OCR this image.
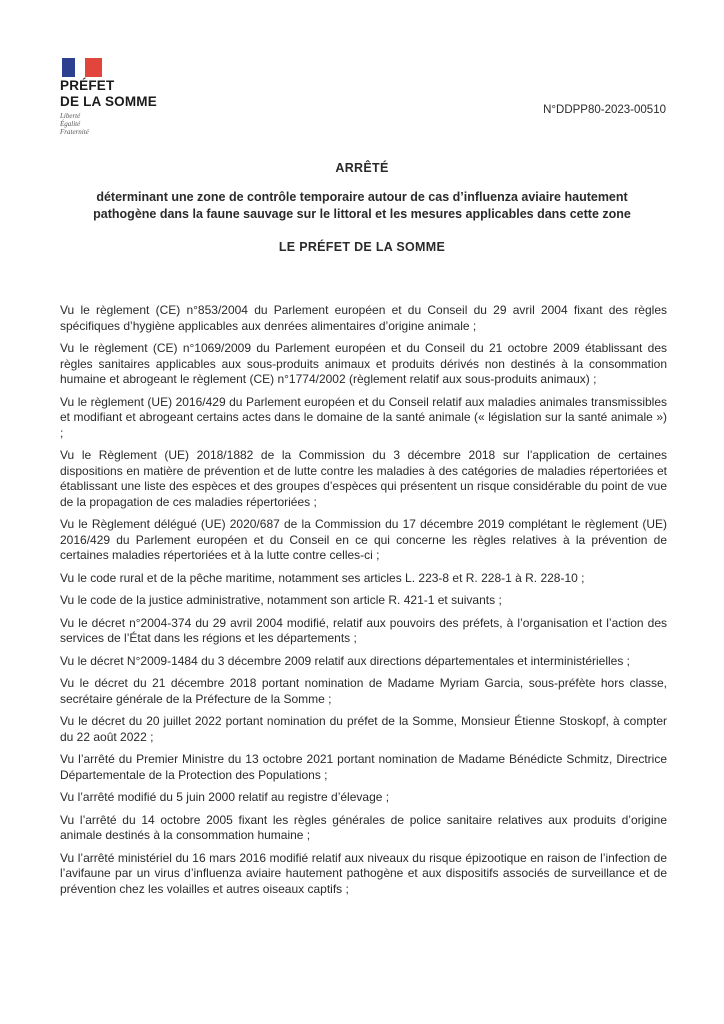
PRÉFET
DE LA SOMME
Liberté
Égalité
Fraternité
N°DDPP80-2023-00510
ARRÊTÉ
déterminant une zone de contrôle temporaire autour de cas d’influenza aviaire hautement
pathogène dans la faune sauvage sur le littoral et les mesures applicables dans cette zone
LE PRÉFET DE LA SOMME

Vu le règlement (CE) n°853/2004 du Parlement européen et du Conseil du 29 avril 2004 fixant des règles spécifiques d’hygiène applicables aux denrées alimentaires d’origine animale ;

Vu le règlement (CE) n°1069/2009 du Parlement européen et du Conseil du 21 octobre 2009 établissant des règles sanitaires applicables aux sous-produits animaux et produits dérivés non destinés à la consommation humaine et abrogeant le règlement (CE) n°1774/2002 (règlement relatif aux sous-produits animaux) ;

Vu le règlement (UE) 2016/429 du Parlement européen et du Conseil relatif aux maladies animales transmissibles et modifiant et abrogeant certains actes dans le domaine de la santé animale (« législation sur la santé animale ») ;

Vu le Règlement (UE) 2018/1882 de la Commission du 3 décembre 2018 sur l’application de certaines dispositions en matière de prévention et de lutte contre les maladies à des catégories de maladies répertoriées et établissant une liste des espèces et des groupes d’espèces qui présentent un risque considérable du point de vue de la propagation de ces maladies répertoriées ;

Vu le Règlement délégué (UE) 2020/687 de la Commission du 17 décembre 2019 complétant le règlement (UE) 2016/429 du Parlement européen et du Conseil en ce qui concerne les règles relatives à la prévention de certaines maladies répertoriées et à la lutte contre celles-ci ;

Vu le code rural et de la pêche maritime, notamment ses articles L. 223-8 et R. 228-1 à R. 228-10 ;

Vu le code de la justice administrative, notamment son article R. 421-1 et suivants ;

Vu le décret n°2004-374 du 29 avril 2004 modifié, relatif aux pouvoirs des préfets, à l’organisation et l’action des services de l’État dans les régions et les départements ;

Vu le décret N°2009-1484 du 3 décembre 2009 relatif aux directions départementales et interministérielles ;

Vu le décret du 21 décembre 2018 portant nomination de Madame Myriam Garcia, sous-préfète hors classe, secrétaire générale de la Préfecture de la Somme ;

Vu le décret du 20 juillet 2022 portant nomination du préfet de la Somme, Monsieur Étienne Stoskopf, à compter du 22 août 2022 ;

Vu l’arrêté du Premier Ministre du 13 octobre 2021 portant nomination de Madame Bénédicte Schmitz, Directrice Départementale de la Protection des Populations ;

Vu l’arrêté modifié du 5 juin 2000 relatif au registre d’élevage ;

Vu l’arrêté du 14 octobre 2005 fixant les règles générales de police sanitaire relatives aux produits d’origine animale destinés à la consommation humaine ;

Vu l’arrêté ministériel du 16 mars 2016 modifié relatif aux niveaux du risque épizootique en raison de l’infection de l’avifaune par un virus d’influenza aviaire hautement pathogène et aux dispositifs associés de surveillance et de prévention chez les volailles et autres oiseaux captifs ;
